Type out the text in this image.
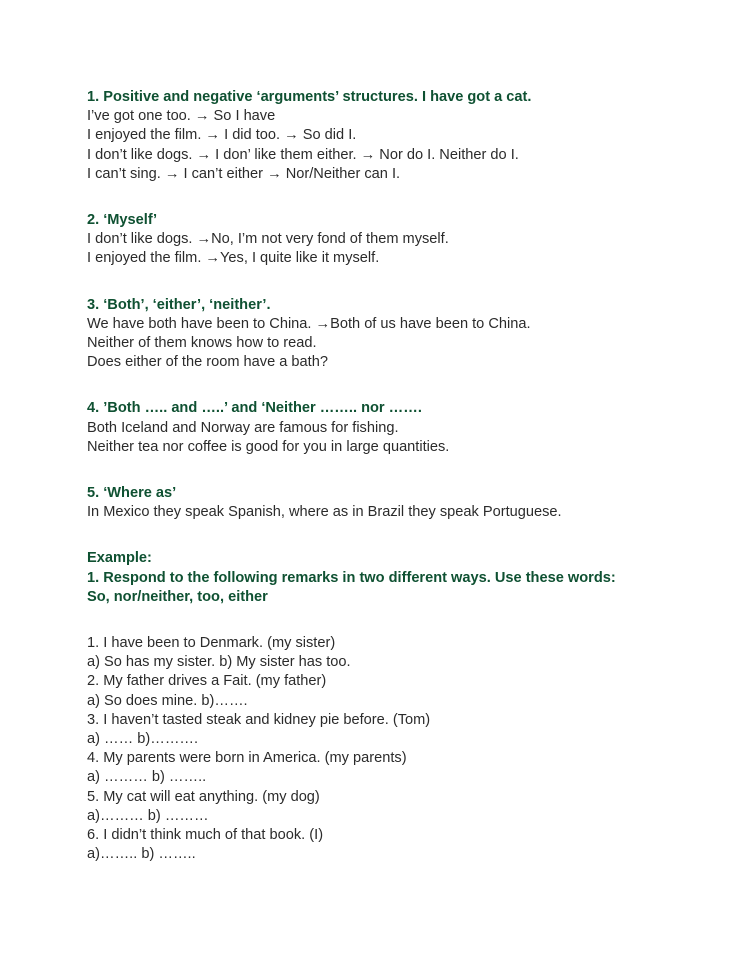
1. Positive and negative ‘arguments’ structures. I have got a cat.
I’ve got one too. → So I have
I enjoyed the film. → I did too. → So did I.
I don’t like dogs. → I don’ like them either. → Nor do I. Neither do I.
I can’t sing. → I can’t either → Nor/Neither can I.
2. ‘Myself’
I don’t like dogs. →No, I’m not very fond of them myself.
I enjoyed the film. →Yes, I quite like it myself.
3. ‘Both’, ‘either’, ‘neither’.
We have both have been to China. →Both of us have been to China.
Neither of them knows how to read.
Does either of the room have a bath?
4. ’Both ….. and …..’ and ‘Neither …….. nor …….
Both Iceland and Norway are famous for fishing.
Neither tea nor coffee is good for you in large quantities.
5. ‘Where as’
In Mexico they speak Spanish, where as in Brazil they speak Portuguese.
Example:
1. Respond to the following remarks in two different ways. Use these words:
So, nor/neither, too, either
1. I have been to Denmark. (my sister)
a) So has my sister. b) My sister has too.
2. My father drives a Fait. (my father)
a) So does mine. b)…….
3. I haven’t tasted steak and kidney pie before. (Tom)
a) …… b)……….
4. My parents were born in America. (my parents)
a) ……… b) ……..
5. My cat will eat anything. (my dog)
a)……… b) ………
6. I didn’t think much of that book. (I)
a)…….. b) ……..
